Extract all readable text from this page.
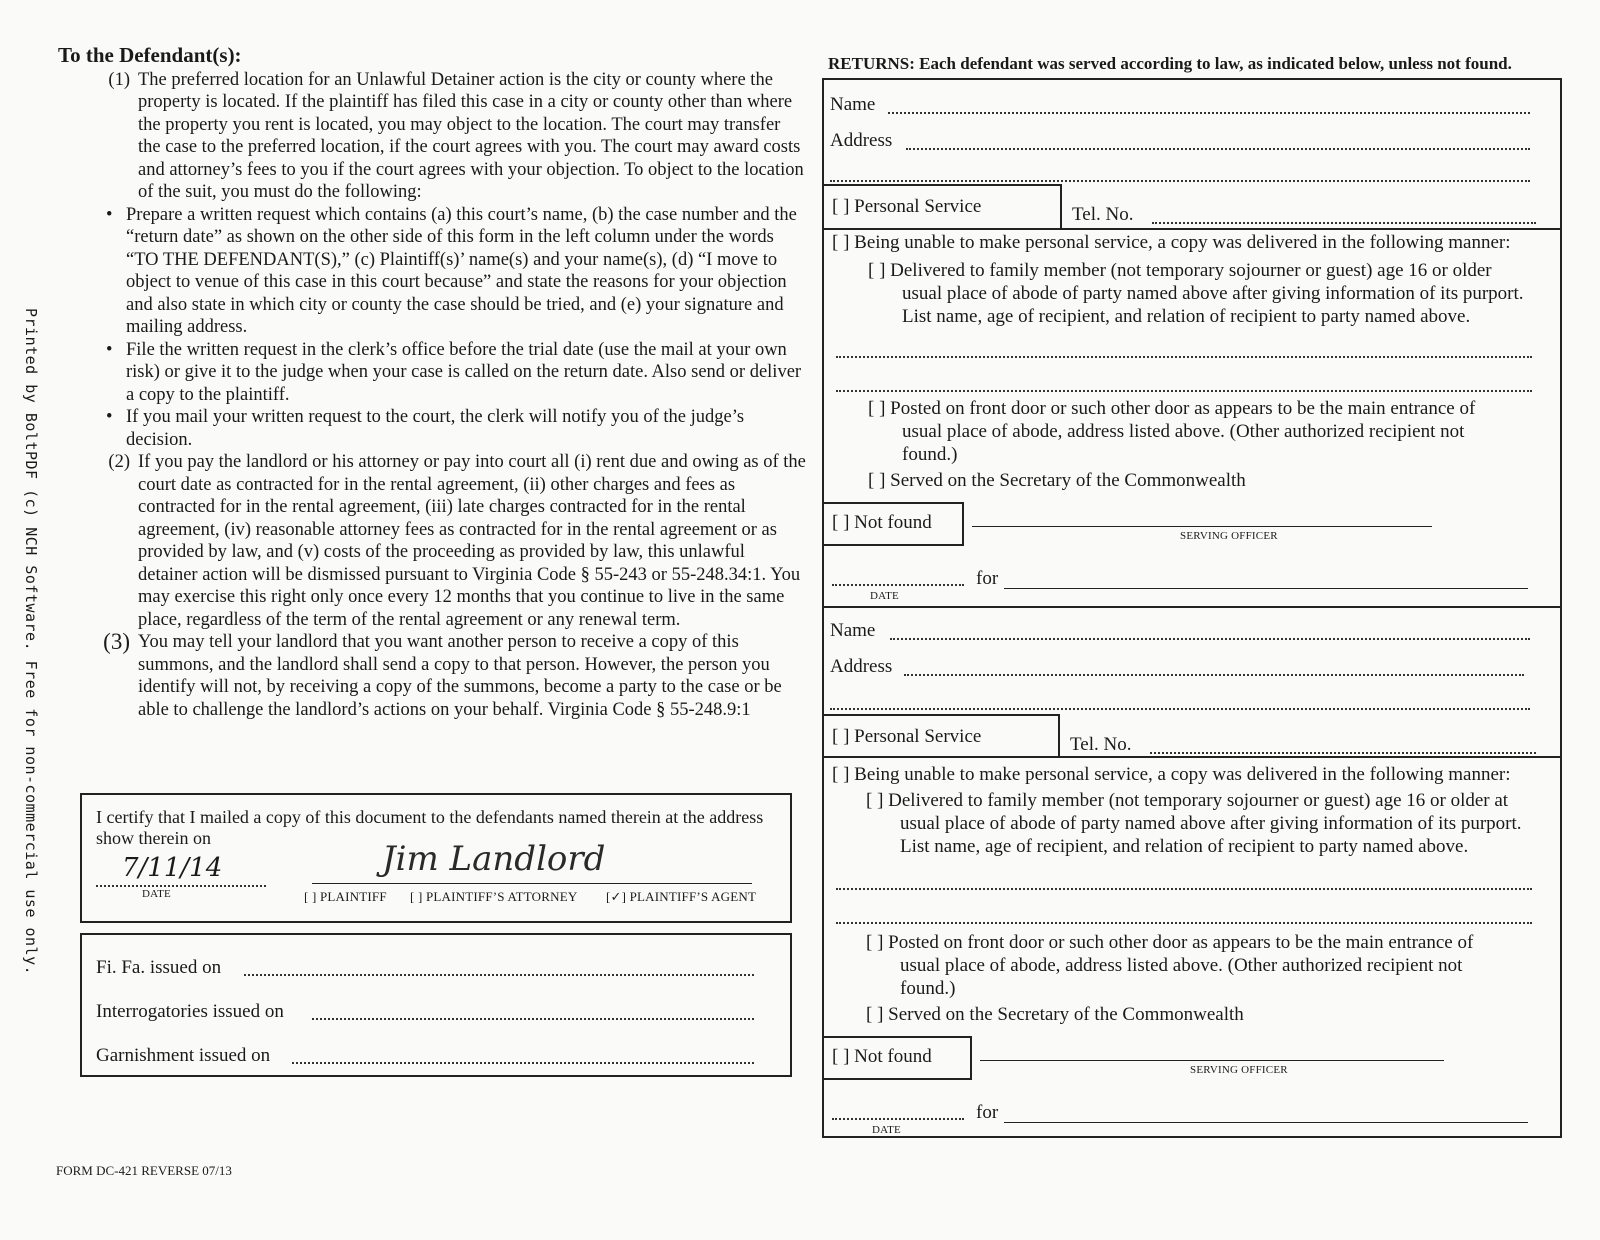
Printed by BoltPDF (c) NCH Software. Free for non-commercial use only.
To the Defendant(s):
(1) The preferred location for an Unlawful Detainer action is the city or county where the property is located. If the plaintiff has filed this case in a city or county other than where the property you rent is located, you may object to the location. The court may transfer the case to the preferred location, if the court agrees with you. The court may award costs and attorney’s fees to you if the court agrees with your objection. To object to the location of the suit, you must do the following:
• Prepare a written request which contains (a) this court’s name, (b) the case number and the “return date” as shown on the other side of this form in the left column under the words “TO THE DEFENDANT(S),” (c) Plaintiff(s)’ name(s) and your name(s), (d) “I move to object to venue of this case in this court because” and state the reasons for your objection and also state in which city or county the case should be tried, and (e) your signature and mailing address.
• File the written request in the clerk’s office before the trial date (use the mail at your own risk) or give it to the judge when your case is called on the return date. Also send or deliver a copy to the plaintiff.
• If you mail your written request to the court, the clerk will notify you of the judge’s decision.
(2) If you pay the landlord or his attorney or pay into court all (i) rent due and owing as of the court date as contracted for in the rental agreement, (ii) other charges and fees as contracted for in the rental agreement, (iii) late charges contracted for in the rental agreement, (iv) reasonable attorney fees as contracted for in the rental agreement or as provided by law, and (v) costs of the proceeding as provided by law, this unlawful detainer action will be dismissed pursuant to Virginia Code § 55-243 or 55-248.34:1. You may exercise this right only once every 12 months that you continue to live in the same place, regardless of the term of the rental agreement or any renewal term.
(3) You may tell your landlord that you want another person to receive a copy of this summons, and the landlord shall send a copy to that person. However, the person you identify will not, by receiving a copy of the summons, become a party to the case or be able to challenge the landlord’s actions on your behalf. Virginia Code § 55-248.9:1
I certify that I mailed a copy of this document to the defendants named therein at the address show therein on
7/11/14
DATE
Jim Landlord
[ ] PLAINTIFF [ ] PLAINTIFF’S ATTORNEY [✓] PLAINTIFF’S AGENT
Fi. Fa. issued on
Interrogatories issued on
Garnishment issued on
RETURNS: Each defendant was served according to law, as indicated below, unless not found.
Name
Address
[ ] Personal Service	Tel. No.
[ ] Being unable to make personal service, a copy was delivered in the following manner:
[ ] Delivered to family member (not temporary sojourner or guest) age 16 or older
usual place of abode of party named above after giving information of its purport.
List name, age of recipient, and relation of recipient to party named above.
[ ] Posted on front door or such other door as appears to be the main entrance of
usual place of abode, address listed above. (Other authorized recipient not
found.)
[ ] Served on the Secretary of the Commonwealth
[ ] Not found
SERVING OFFICER
DATE
for
Name
Address
[ ] Personal Service	Tel. No.
[ ] Being unable to make personal service, a copy was delivered in the following manner:
[ ] Delivered to family member (not temporary sojourner or guest) age 16 or older at
usual place of abode of party named above after giving information of its purport.
List name, age of recipient, and relation of recipient to party named above.
[ ] Posted on front door or such other door as appears to be the main entrance of
usual place of abode, address listed above. (Other authorized recipient not
found.)
[ ] Served on the Secretary of the Commonwealth
[ ] Not found
SERVING OFFICER
DATE
for
FORM DC-421 REVERSE 07/13
